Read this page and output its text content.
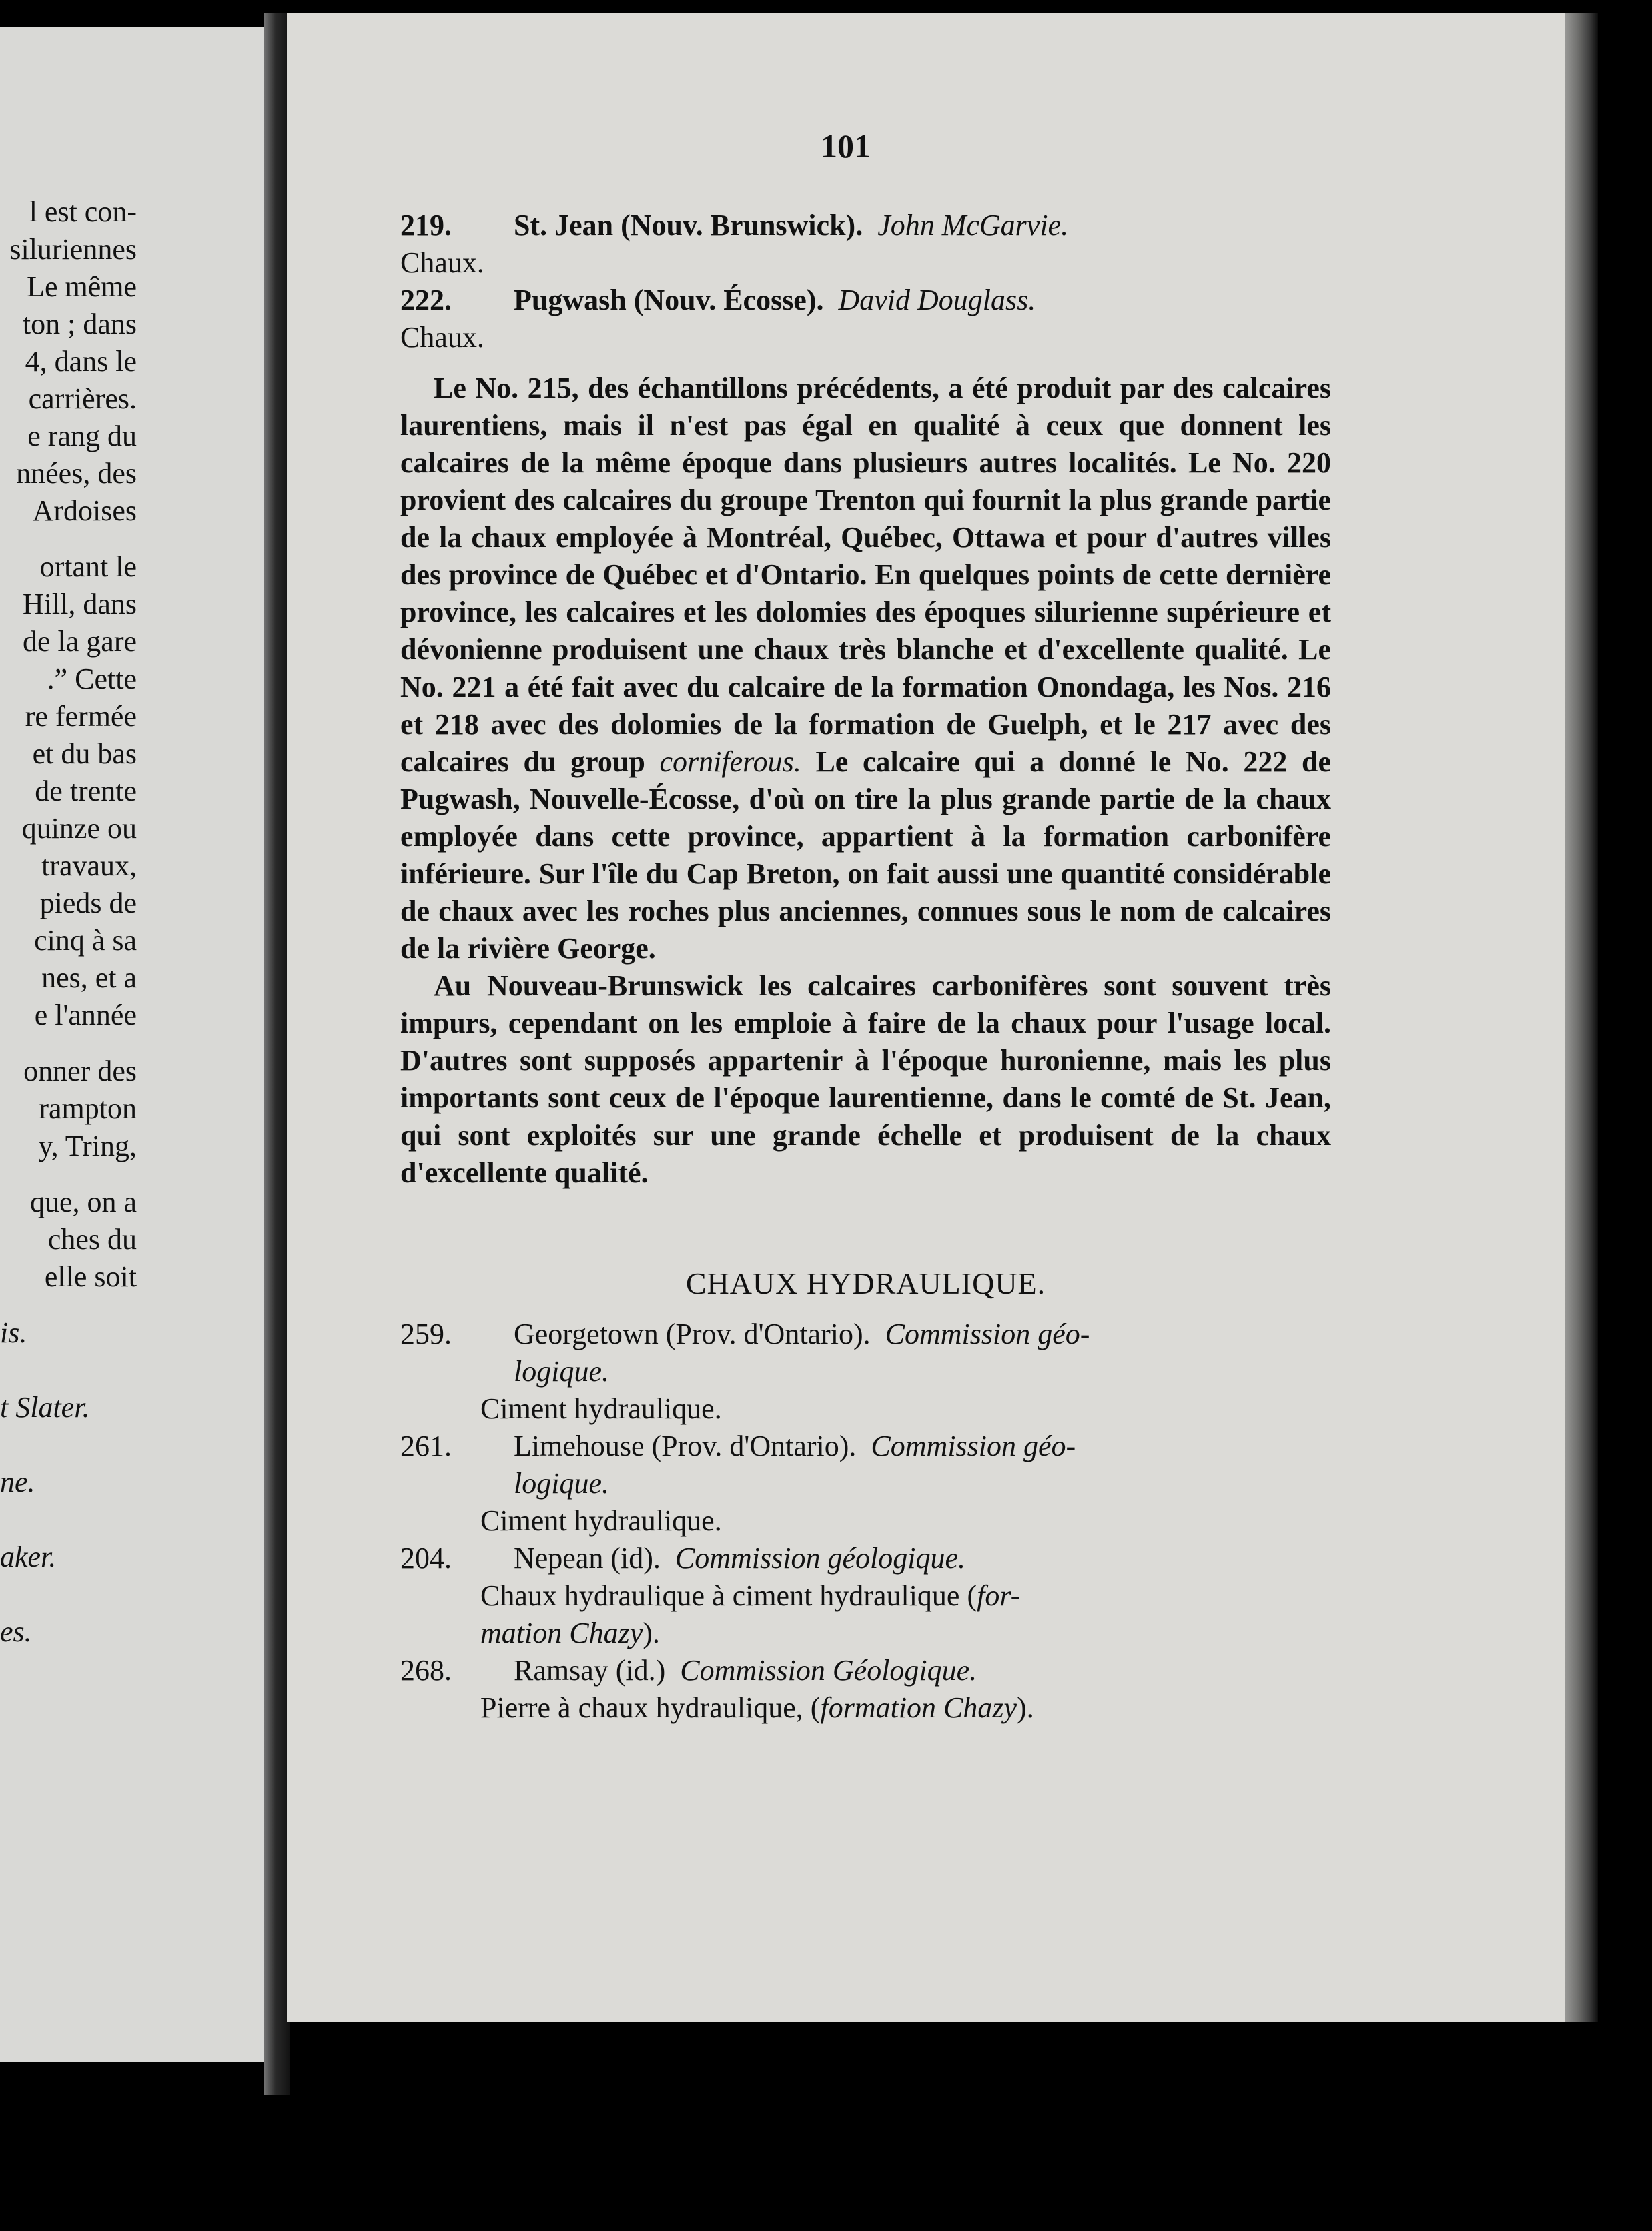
l est con-
siluriennes
Le même
ton ; dans
4, dans le
carrières.
e rang du
nnées, des
Ardoises
ortant le
Hill, dans
de la gare
.” Cette
re fermée
et du bas
de trente
quinze ou
travaux,
pieds de
cinq à sa
nes, et a
e l'année
onner des
rampton
y, Tring,
que, on a
ches du
elle soit
is.
t Slater.
ne.
aker.
es.
101
219.	St. Jean (Nouv. Brunswick). John McGarvie.
Chaux.
222.	Pugwash (Nouv. Écosse). David Douglass.
Chaux.

Le No. 215, des échantillons précédents, a été produit par des calcaires laurentiens, mais il n'est pas égal en qualité à ceux que donnent les calcaires de la même époque dans plusieurs autres localités. Le No. 220 provient des calcaires du groupe Trenton qui fournit la plus grande partie de la chaux employée à Montréal, Québec, Ottawa et pour d'autres villes des province de Québec et d'Ontario. En quelques points de cette dernière province, les calcaires et les dolomies des époques silurienne supérieure et dévonienne produisent une chaux très blanche et d'excellente qualité. Le No. 221 a été fait avec du calcaire de la formation Onondaga, les Nos. 216 et 218 avec des dolomies de la formation de Guelph, et le 217 avec des calcaires du group corniferous. Le calcaire qui a donné le No. 222 de Pugwash, Nouvelle-Écosse, d'où on tire la plus grande partie de la chaux employée dans cette province, appartient à la formation carbonifère inférieure. Sur l'île du Cap Breton, on fait aussi une quantité considérable de chaux avec les roches plus anciennes, connues sous le nom de calcaires de la rivière George.

Au Nouveau-Brunswick les calcaires carbonifères sont souvent très impurs, cependant on les emploie à faire de la chaux pour l'usage local. D'autres sont supposés appartenir à l'époque huronienne, mais les plus importants sont ceux de l'époque laurentienne, dans le comté de St. Jean, qui sont exploités sur une grande échelle et produisent de la chaux d'excellente qualité.

CHAUX HYDRAULIQUE.
259.	Georgetown (Prov. d'Ontario). Commission géo-
logique.
Ciment hydraulique.
261.	Limehouse (Prov. d'Ontario). Commission géo-
logique.
Ciment hydraulique.
204.	Nepean (id). Commission géologique.
Chaux hydraulique à ciment hydraulique (for-
mation Chazy).
268.	Ramsay (id.) Commission Géologique.
Pierre à chaux hydraulique, (formation Chazy).
